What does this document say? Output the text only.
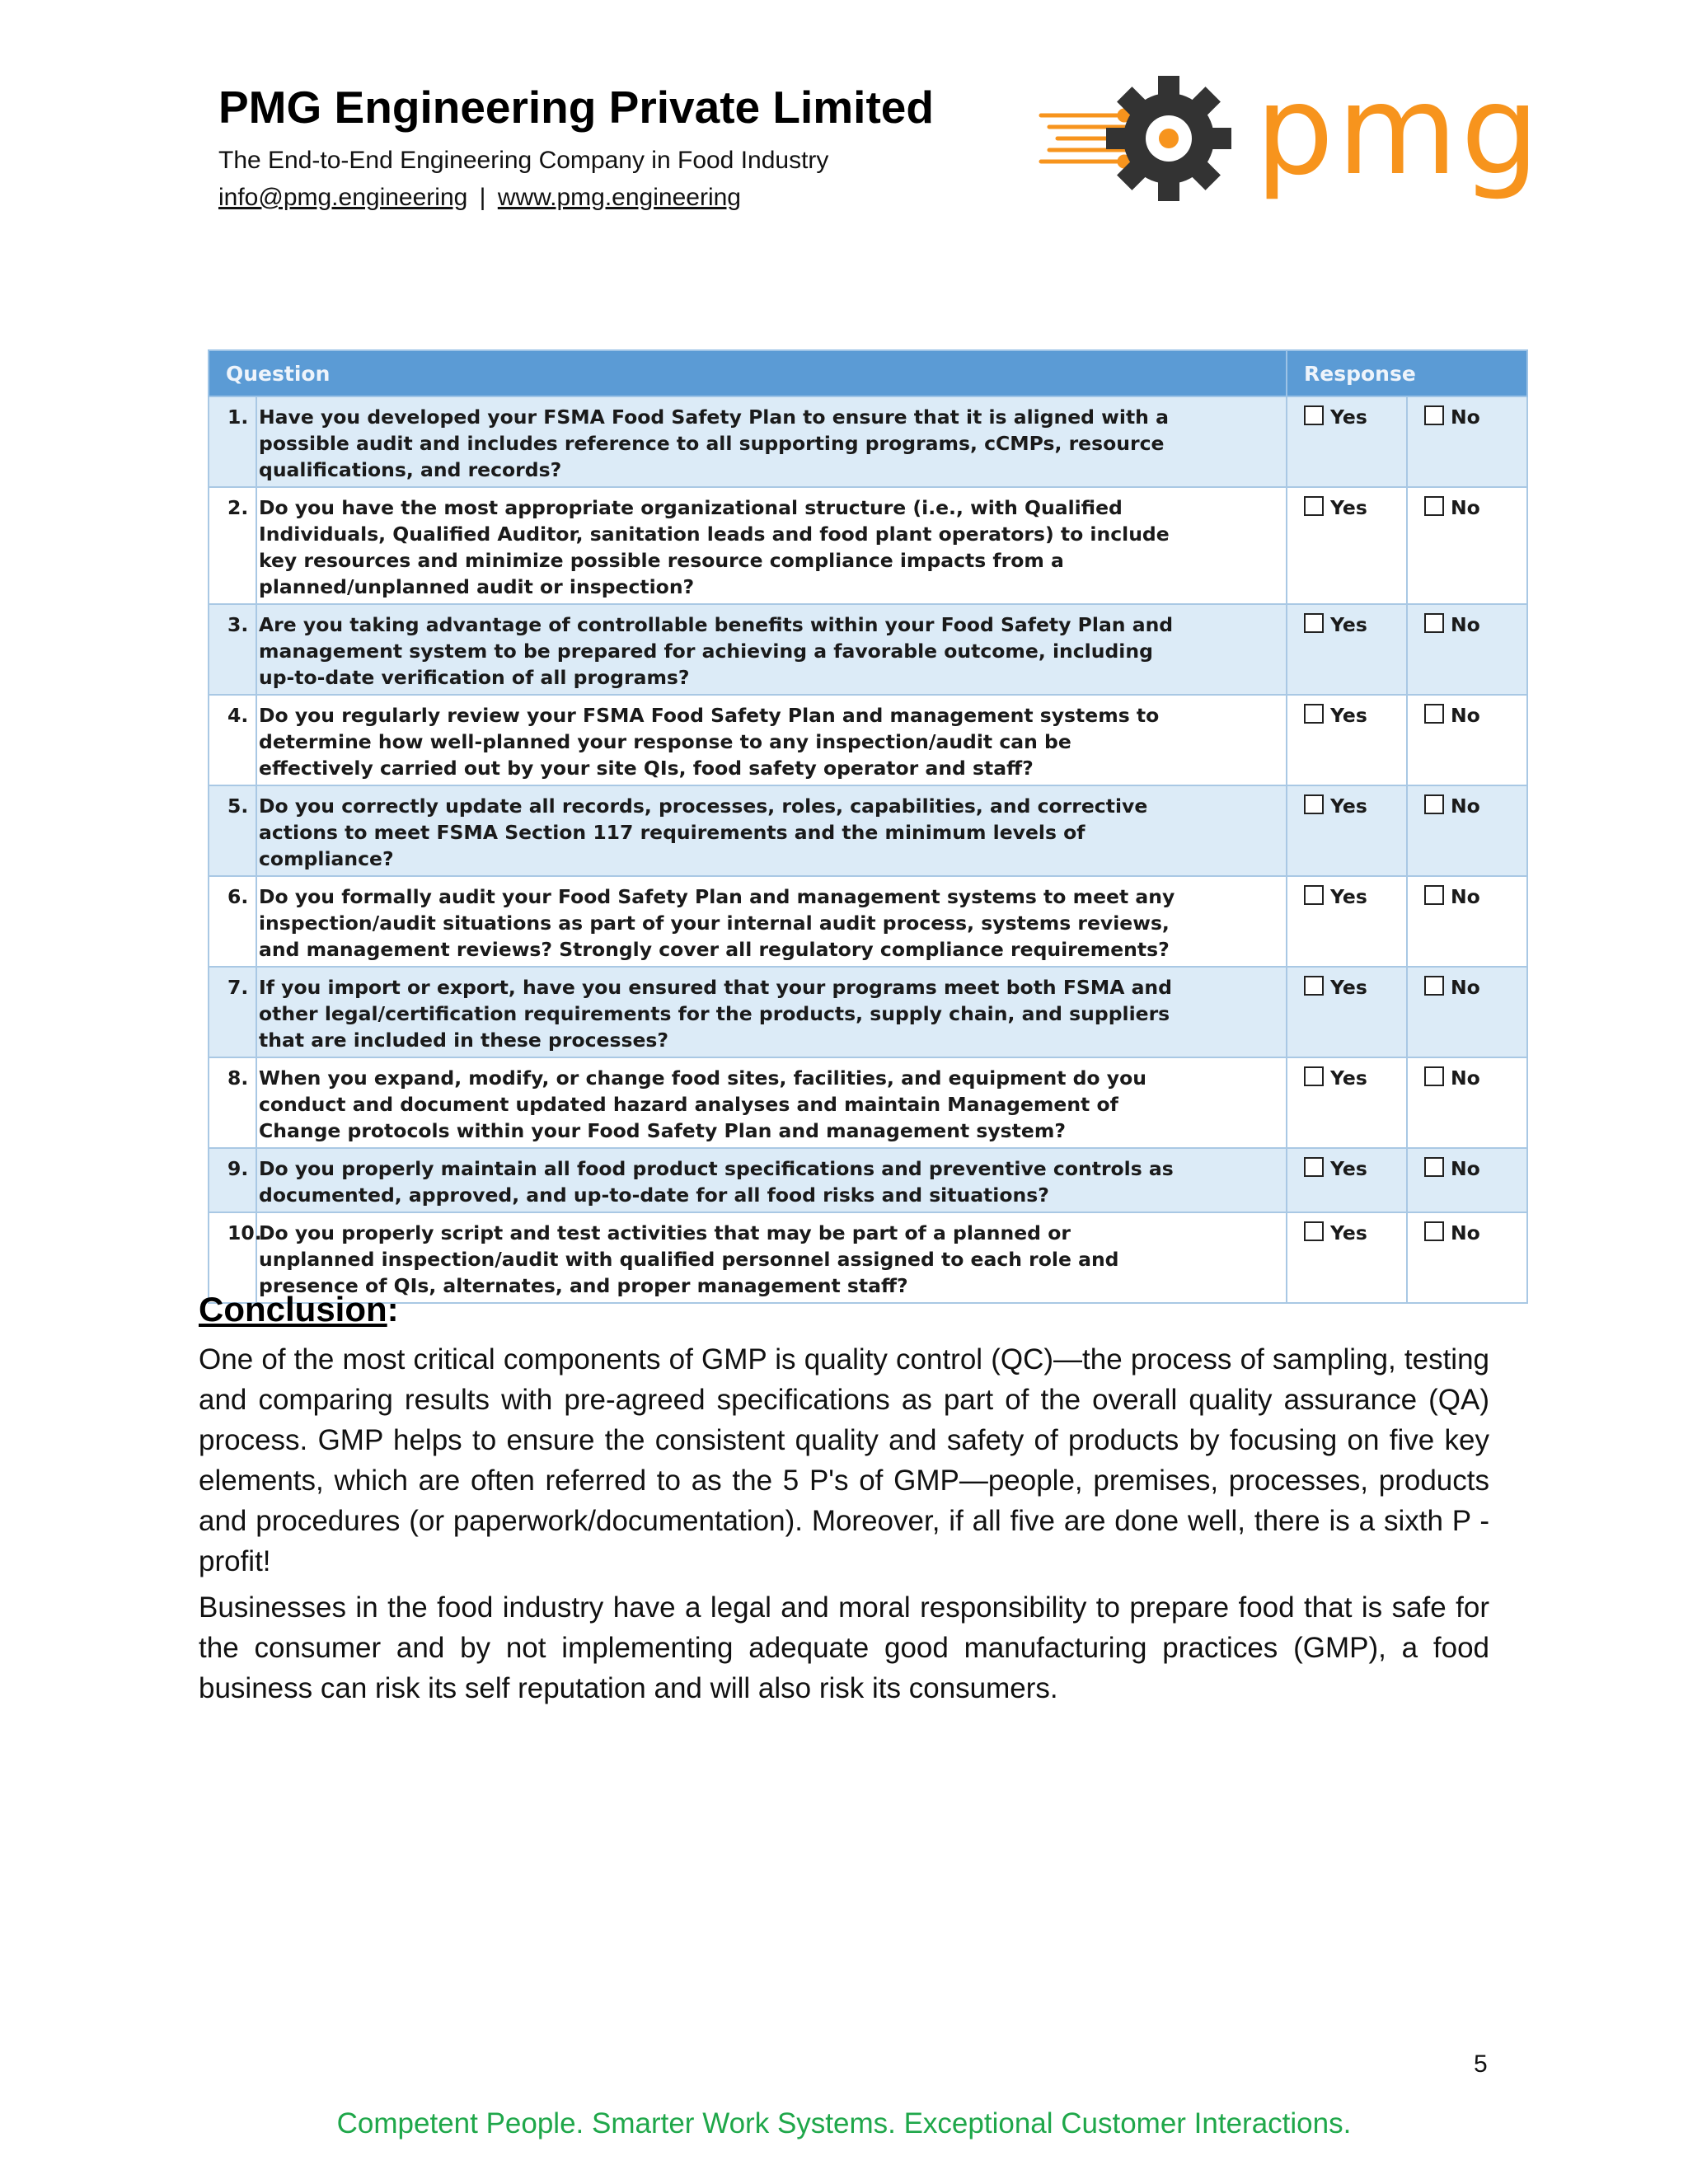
PMG Engineering Private Limited
The End-to-End Engineering Company in Food Industry
info@pmg.engineering | www.pmg.engineering	pmg
Question		Response	
1.	Have you developed your FSMA Food Safety Plan to ensure that it is aligned with a
possible audit and includes reference to all supporting programs, cCMPs, resource
qualifications, and records?	Yes	No
2.	Do you have the most appropriate organizational structure (i.e., with Qualified
Individuals, Qualified Auditor, sanitation leads and food plant operators) to include
key resources and minimize possible resource compliance impacts from a
planned/unplanned audit or inspection?	Yes	No
3.	Are you taking advantage of controllable benefits within your Food Safety Plan and
management system to be prepared for achieving a favorable outcome, including
up-to-date verification of all programs?	Yes	No
4.	Do you regularly review your FSMA Food Safety Plan and management systems to
determine how well-planned your response to any inspection/audit can be
effectively carried out by your site QIs, food safety operator and staff?	Yes	No
5.	Do you correctly update all records, processes, roles, capabilities, and corrective
actions to meet FSMA Section 117 requirements and the minimum levels of
compliance?	Yes	No
6.	Do you formally audit your Food Safety Plan and management systems to meet any
inspection/audit situations as part of your internal audit process, systems reviews,
and management reviews? Strongly cover all regulatory compliance requirements?	Yes	No
7.	If you import or export, have you ensured that your programs meet both FSMA and
other legal/certification requirements for the products, supply chain, and suppliers
that are included in these processes?	Yes	No
8.	When you expand, modify, or change food sites, facilities, and equipment do you
conduct and document updated hazard analyses and maintain Management of
Change protocols within your Food Safety Plan and management system?	Yes	No
9.	Do you properly maintain all food product specifications and preventive controls as
documented, approved, and up-to-date for all food risks and situations?	Yes	No
10.	Do you properly script and test activities that may be part of a planned or
unplanned inspection/audit with qualified personnel assigned to each role and
presence of QIs, alternates, and proper management staff?	Yes	No
Conclusion:
One of the most critical components of GMP is quality control (QC)—the process of sampling, testing and comparing results with pre-agreed specifications as part of the overall quality assurance (QA) process. GMP helps to ensure the consistent quality and safety of products by focusing on five key elements, which are often referred to as the 5 P's of GMP—people, premises, processes, products and procedures (or paperwork/documentation). Moreover, if all five are done well, there is a sixth P -profit!
Businesses in the food industry have a legal and moral responsibility to prepare food that is safe for the consumer and by not implementing adequate good manufacturing practices (GMP), a food business can risk its self reputation and will also risk its consumers.
5
Competent People. Smarter Work Systems. Exceptional Customer Interactions.
